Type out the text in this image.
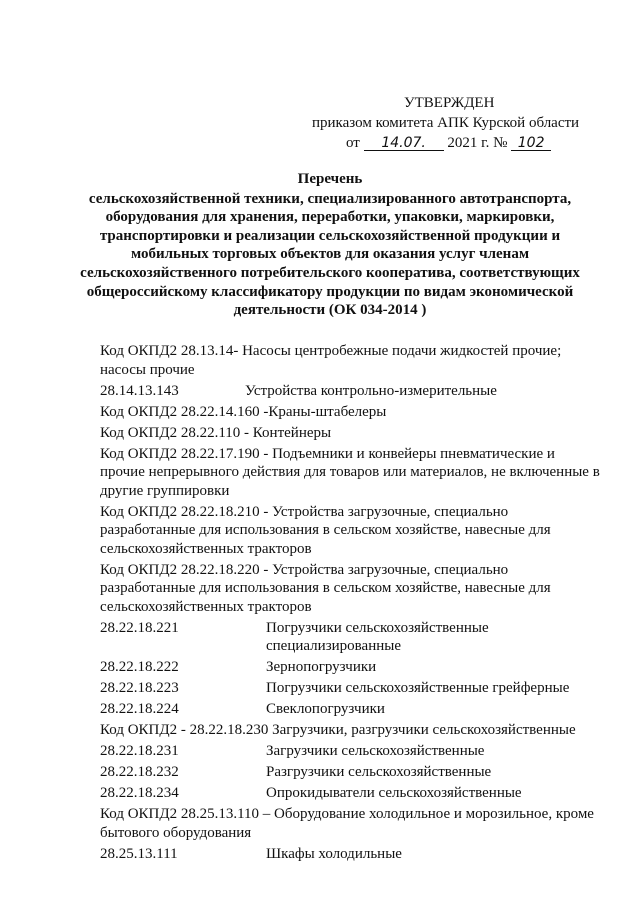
УТВЕРЖДЕН
приказом комитета АПК Курской области
от 14.07. 2021 г. № 102
Перечень
сельскохозяйственной техники, специализированного автотранспорта, оборудования для хранения, переработки, упаковки, маркировки, транспортировки и реализации сельскохозяйственной продукции и мобильных торговых объектов для оказания услуг членам сельскохозяйственного потребительского кооператива, соответствующих общероссийскому классификатору продукции по видам экономической деятельности (ОК 034-2014 )
Код ОКПД2 28.13.14- Насосы центробежные подачи жидкостей прочие; насосы прочие
28.14.13.143	Устройства контрольно-измерительные
Код ОКПД2 28.22.14.160 -Краны-штабелеры
Код ОКПД2 28.22.110 - Контейнеры
Код ОКПД2 28.22.17.190 - Подъемники и конвейеры пневматические и прочие непрерывного действия для товаров или материалов, не включенные в другие группировки
Код ОКПД2 28.22.18.210 - Устройства загрузочные, специально разработанные для использования в сельском хозяйстве, навесные для сельскохозяйственных тракторов
Код ОКПД2 28.22.18.220 - Устройства загрузочные, специально разработанные для использования в сельском хозяйстве, навесные для сельскохозяйственных тракторов
28.22.18.221	Погрузчики сельскохозяйственные специализированные
28.22.18.222	Зернопогрузчики
28.22.18.223	Погрузчики сельскохозяйственные грейферные
28.22.18.224	Свеклопогрузчики
Код ОКПД2 - 28.22.18.230 Загрузчики, разгрузчики сельскохозяйственные
28.22.18.231	Загрузчики сельскохозяйственные
28.22.18.232	Разгрузчики сельскохозяйственные
28.22.18.234	Опрокидыватели сельскохозяйственные
Код ОКПД2 28.25.13.110 – Оборудование холодильное и морозильное, кроме бытового оборудования
28.25.13.111	Шкафы холодильные
